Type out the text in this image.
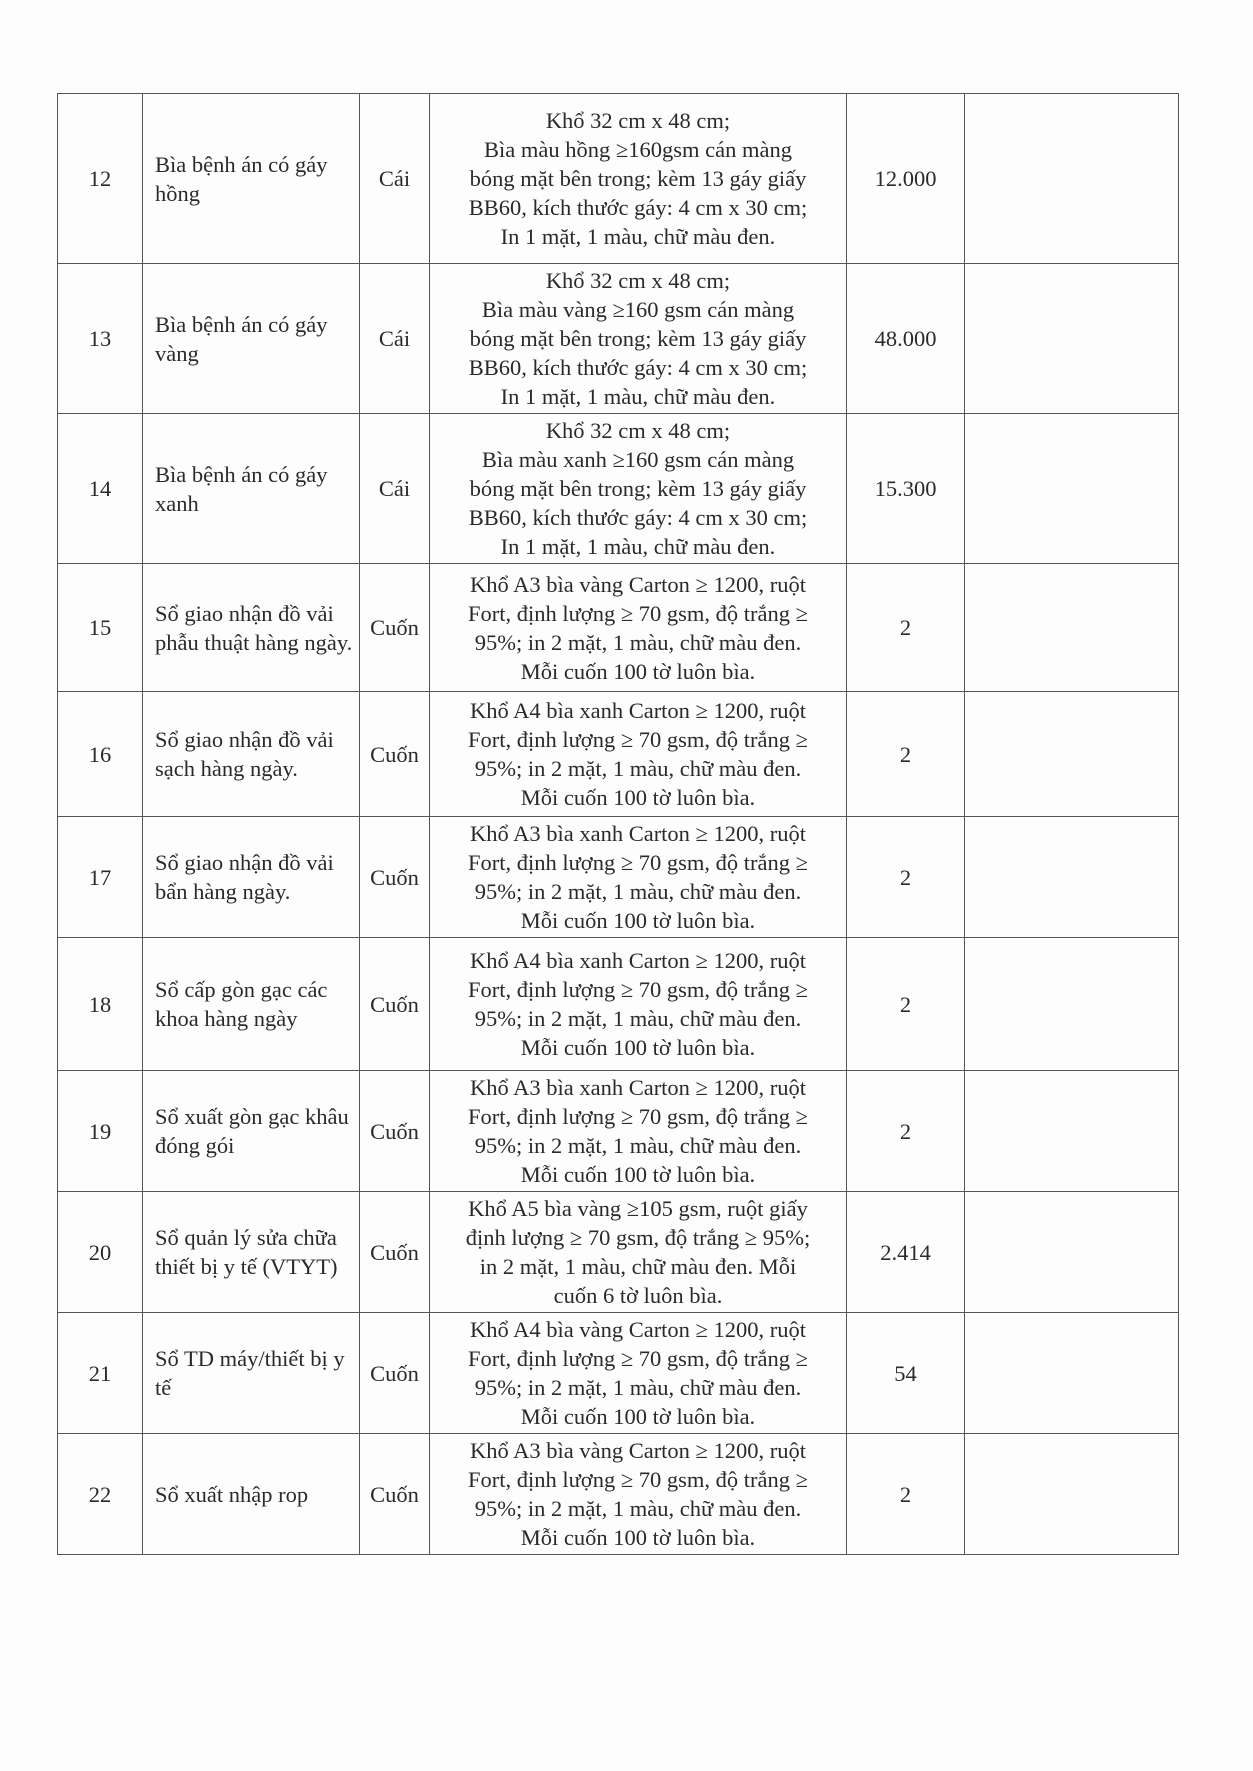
12	Bìa bệnh án có gáy hồng	Cái	Khổ 32 cm x 48 cm;
Bìa màu hồng ≥160gsm cán màng
bóng mặt bên trong; kèm 13 gáy giấy
BB60, kích thước gáy: 4 cm x 30 cm;
In 1 mặt, 1 màu, chữ màu đen.	12.000	
13	Bìa bệnh án có gáy vàng	Cái	Khổ 32 cm x 48 cm;
Bìa màu vàng ≥160 gsm cán màng
bóng mặt bên trong; kèm 13 gáy giấy
BB60, kích thước gáy: 4 cm x 30 cm;
In 1 mặt, 1 màu, chữ màu đen.	48.000	
14	Bìa bệnh án có gáy xanh	Cái	Khổ 32 cm x 48 cm;
Bìa màu xanh ≥160 gsm cán màng
bóng mặt bên trong; kèm 13 gáy giấy
BB60, kích thước gáy: 4 cm x 30 cm;
In 1 mặt, 1 màu, chữ màu đen.	15.300	
15	Sổ giao nhận đồ vải phẫu thuật hàng ngày.	Cuốn	Khổ A3 bìa vàng Carton ≥ 1200, ruột
Fort, định lượng ≥ 70 gsm, độ trắng ≥
95%; in 2 mặt, 1 màu, chữ màu đen.
Mỗi cuốn 100 tờ luôn bìa.	2	
16	Sổ giao nhận đồ vải sạch hàng ngày.	Cuốn	Khổ A4 bìa xanh Carton ≥ 1200, ruột
Fort, định lượng ≥ 70 gsm, độ trắng ≥
95%; in 2 mặt, 1 màu, chữ màu đen.
Mỗi cuốn 100 tờ luôn bìa.	2	
17	Sổ giao nhận đồ vải bẩn hàng ngày.	Cuốn	Khổ A3 bìa xanh Carton ≥ 1200, ruột
Fort, định lượng ≥ 70 gsm, độ trắng ≥
95%; in 2 mặt, 1 màu, chữ màu đen.
Mỗi cuốn 100 tờ luôn bìa.	2	
18	Sổ cấp gòn gạc các khoa hàng ngày	Cuốn	Khổ A4 bìa xanh Carton ≥ 1200, ruột
Fort, định lượng ≥ 70 gsm, độ trắng ≥
95%; in 2 mặt, 1 màu, chữ màu đen.
Mỗi cuốn 100 tờ luôn bìa.	2	
19	Sổ xuất gòn gạc khâu đóng gói	Cuốn	Khổ A3 bìa xanh Carton ≥ 1200, ruột
Fort, định lượng ≥ 70 gsm, độ trắng ≥
95%; in 2 mặt, 1 màu, chữ màu đen.
Mỗi cuốn 100 tờ luôn bìa.	2	
20	Sổ quản lý sửa chữa thiết bị y tế (VTYT)	Cuốn	Khổ A5 bìa vàng ≥105 gsm, ruột giấy
định lượng ≥ 70 gsm, độ trắng ≥ 95%;
in 2 mặt, 1 màu, chữ màu đen. Mỗi
cuốn 6 tờ luôn bìa.	2.414	
21	Sổ TD máy/thiết bị y tế	Cuốn	Khổ A4 bìa vàng Carton ≥ 1200, ruột
Fort, định lượng ≥ 70 gsm, độ trắng ≥
95%; in 2 mặt, 1 màu, chữ màu đen.
Mỗi cuốn 100 tờ luôn bìa.	54	
22	Sổ xuất nhập rop	Cuốn	Khổ A3 bìa vàng Carton ≥ 1200, ruột
Fort, định lượng ≥ 70 gsm, độ trắng ≥
95%; in 2 mặt, 1 màu, chữ màu đen.
Mỗi cuốn 100 tờ luôn bìa.	2	
